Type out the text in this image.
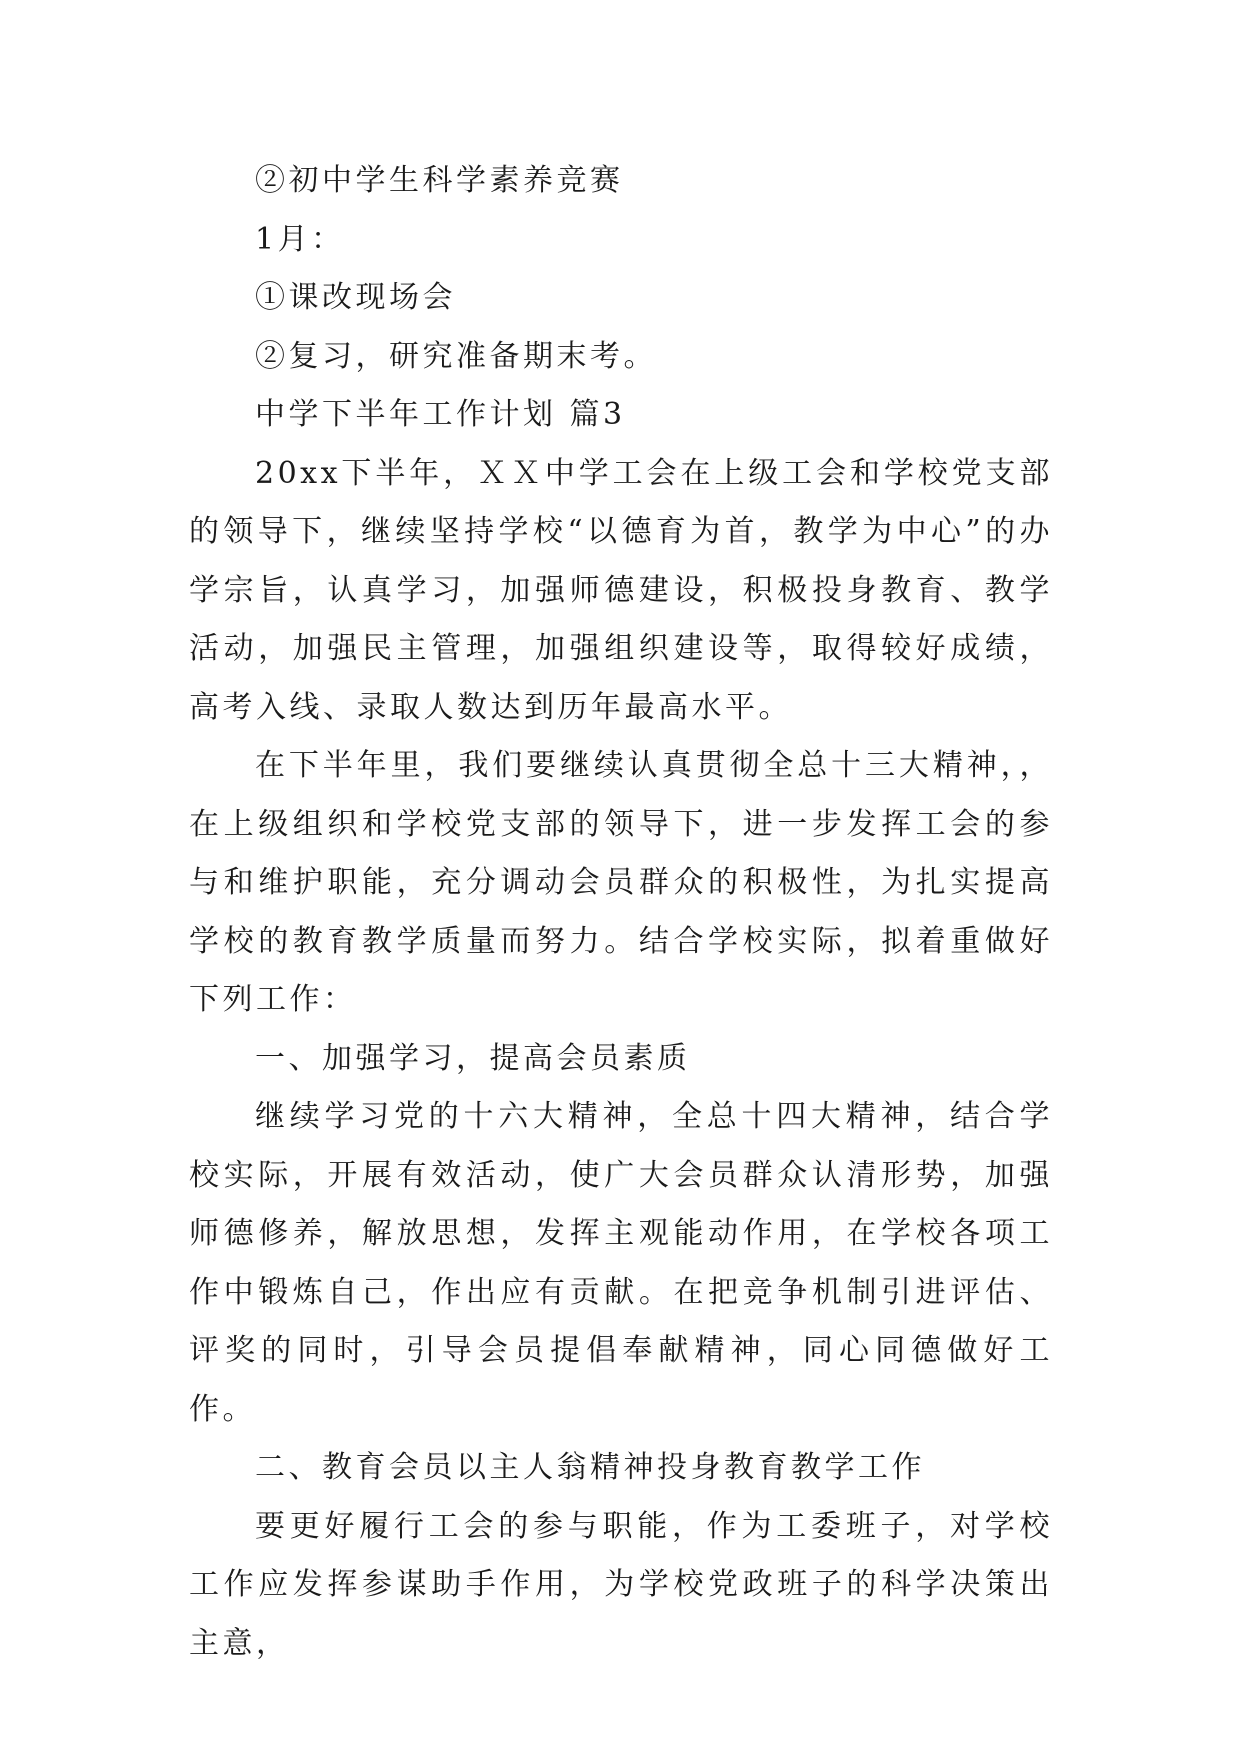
②初中学生科学素养竞赛

1月：

①课改现场会

②复习，研究准备期末考。

中学下半年工作计划 篇3

20xx下半年，ＸＸ中学工会在上级工会和学校党支部的领导下，继续坚持学校“以德育为首，教学为中心”的办学宗旨，认真学习，加强师德建设，积极投身教育、教学活动，加强民主管理，加强组织建设等，取得较好成绩，高考入线、录取人数达到历年最高水平。

在下半年里，我们要继续认真贯彻全总十三大精神，，在上级组织和学校党支部的领导下，进一步发挥工会的参与和维护职能，充分调动会员群众的积极性，为扎实提高学校的教育教学质量而努力。结合学校实际，拟着重做好下列工作：

一、加强学习，提高会员素质

继续学习党的十六大精神，全总十四大精神，结合学校实际，开展有效活动，使广大会员群众认清形势，加强师德修养，解放思想，发挥主观能动作用，在学校各项工作中锻炼自己，作出应有贡献。在把竞争机制引进评估、评奖的同时，引导会员提倡奉献精神，同心同德做好工作。

二、教育会员以主人翁精神投身教育教学工作

要更好履行工会的参与职能，作为工委班子，对学校工作应发挥参谋助手作用，为学校党政班子的科学决策出主意，
